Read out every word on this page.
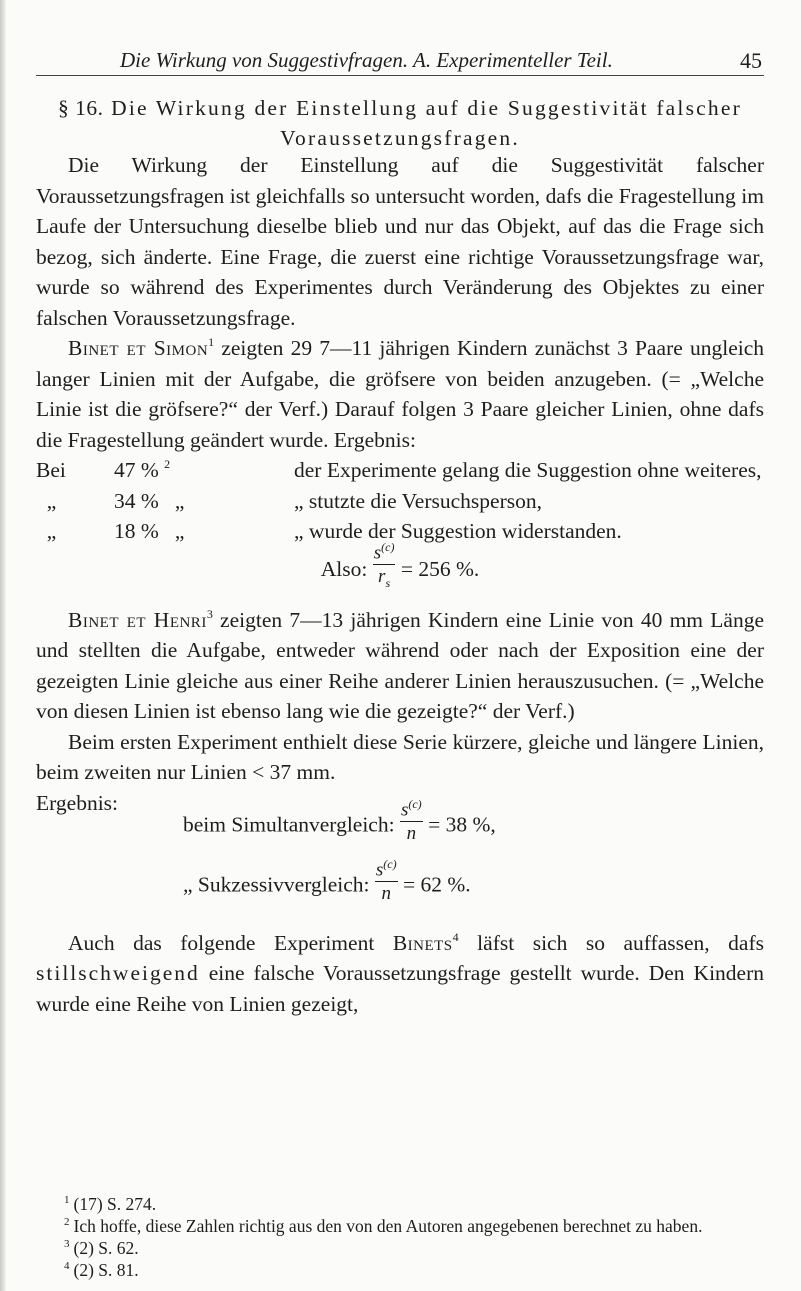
Die Wirkung von Suggestivfragen. A. Experimenteller Teil.	45
§ 16. Die Wirkung der Einstellung auf die Suggestivität falscher Voraussetzungsfragen.

Die Wirkung der Einstellung auf die Suggestivität falscher Voraussetzungsfragen ist gleichfalls so untersucht worden, dafs die Fragestellung im Laufe der Untersuchung dieselbe blieb und nur das Objekt, auf das die Frage sich bezog, sich änderte. Eine Frage, die zuerst eine richtige Voraussetzungsfrage war, wurde so während des Experimentes durch Veränderung des Objektes zu einer falschen Voraussetzungsfrage.

Binet et Simon$^1$ zeigten 29 7—11 jährigen Kindern zunächst 3 Paare ungleich langer Linien mit der Aufgabe, die gröfsere von beiden anzugeben. (= „Welche Linie ist die gröfsere?“ der Verf.) Darauf folgen 3 Paare gleicher Linien, ohne dafs die Fragestellung geändert wurde. Ergebnis:

Bei	47 % $^2$	der Experimente gelang die Suggestion ohne weiteres,
„	34 % „	„ stutzte die Versuchsperson,
„	18 % „	„ wurde der Suggestion widerstanden.
Also: $\frac{s^{(c)}}{r_s} = 256$ %.

Binet et Henri$^3$ zeigten 7—13 jährigen Kindern eine Linie von 40 mm Länge und stellten die Aufgabe, entweder während oder nach der Exposition eine der gezeigten Linie gleiche aus einer Reihe anderer Linien herauszusuchen. (= „Welche von diesen Linien ist ebenso lang wie die gezeigte?“ der Verf.)

Beim ersten Experiment enthielt diese Serie kürzere, gleiche und längere Linien, beim zweiten nur Linien < 37 mm.

Ergebnis:
beim Simultanvergleich: $\frac{s^{(c)}}{n} = 38$ %,
„ Sukzessivvergleich: $\frac{s^{(c)}}{n} = 62$ %.

Auch das folgende Experiment Binets$^4$ läfst sich so auffassen, dafs stillschweigend eine falsche Voraussetzungsfrage gestellt wurde. Den Kindern wurde eine Reihe von Linien gezeigt,

$^1$ (17) S. 274.

$^2$ Ich hoffe, diese Zahlen richtig aus den von den Autoren angegebenen berechnet zu haben.

$^3$ (2) S. 62.

$^4$ (2) S. 81.
